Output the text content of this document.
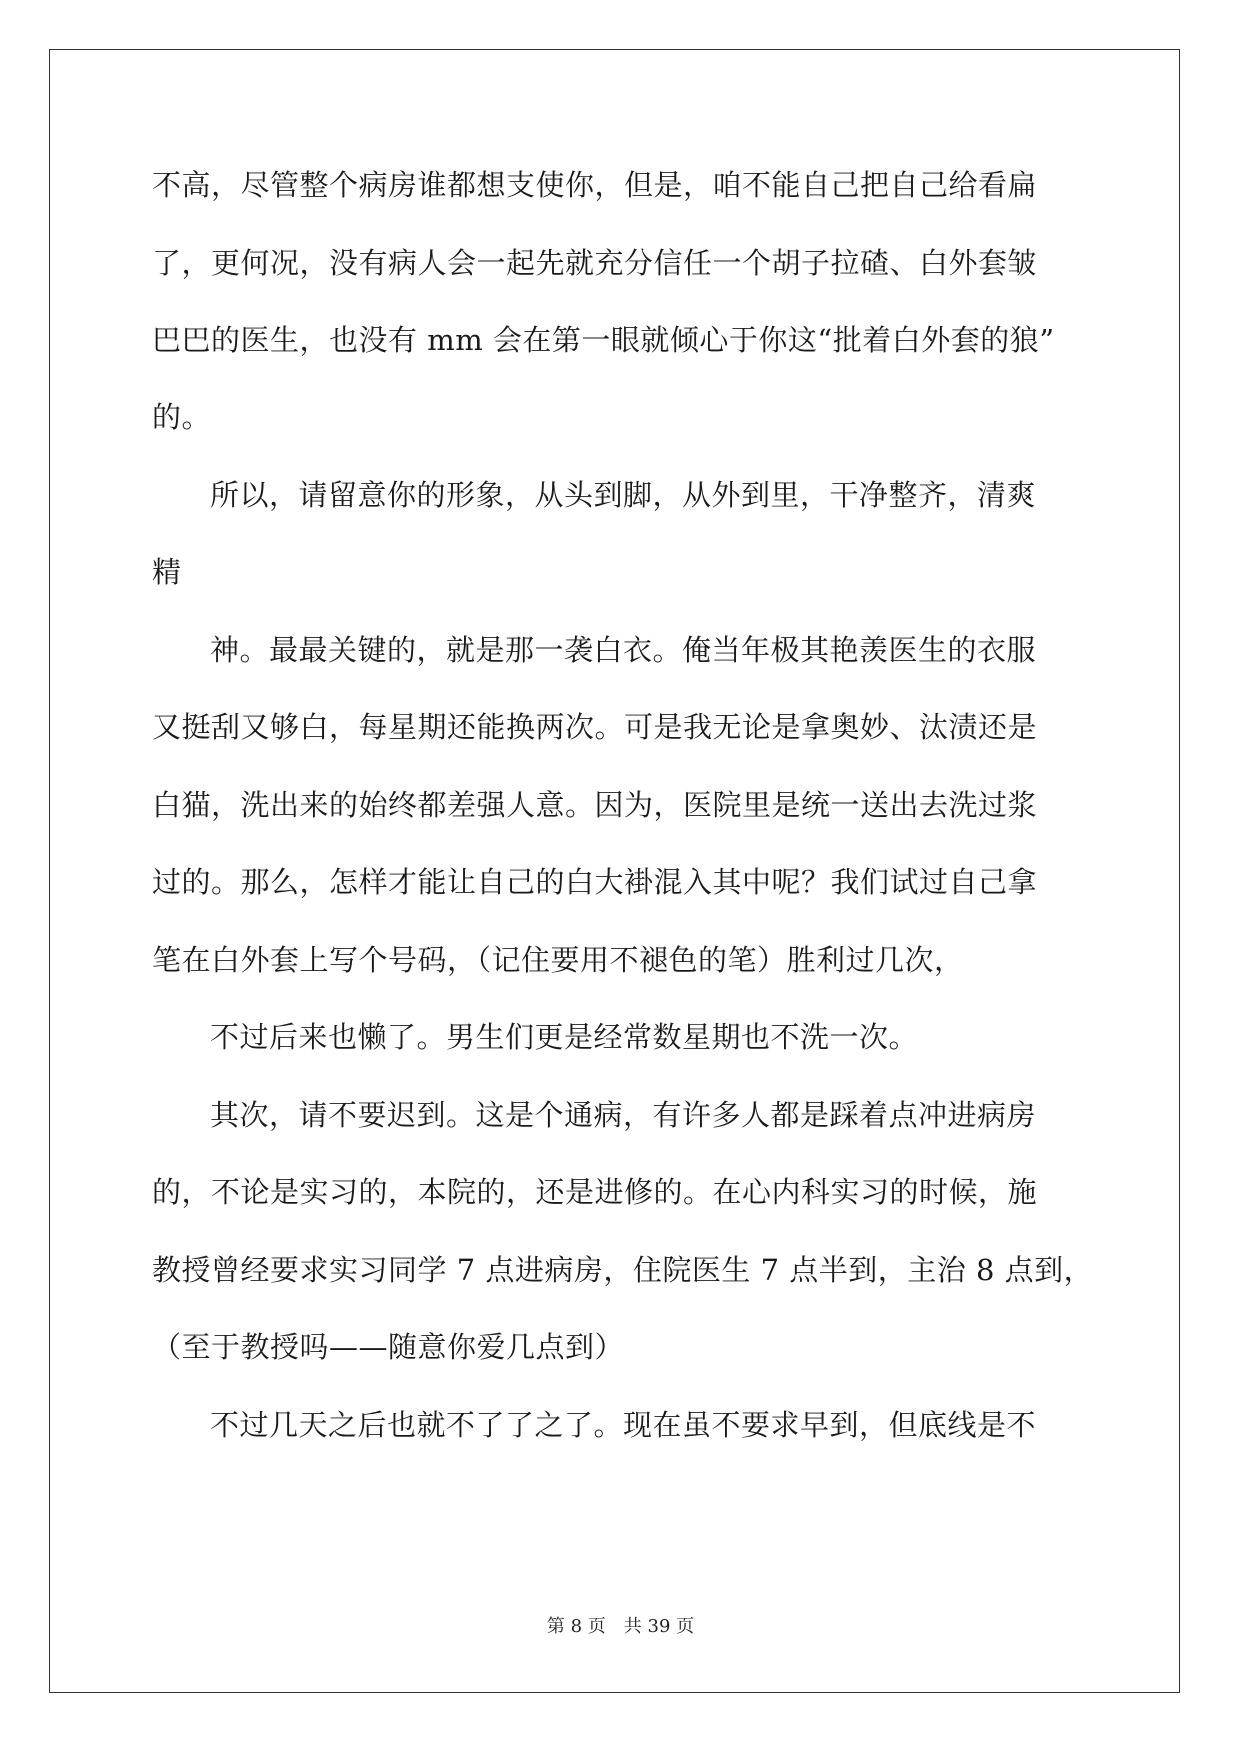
不高，尽管整个病房谁都想支使你，但是，咱不能自己把自己给看扁
了，更何况，没有病人会一起先就充分信任一个胡子拉碴、白外套皱
巴巴的医生，也没有 mm 会在第一眼就倾心于你这“批着白外套的狼”
的。
所以，请留意你的形象，从头到脚，从外到里，干净整齐，清爽
精
神。最最关键的，就是那一袭白衣。俺当年极其艳羡医生的衣服
又挺刮又够白，每星期还能换两次。可是我无论是拿奥妙、汰渍还是
白猫，洗出来的始终都差强人意。因为，医院里是统一送出去洗过浆
过的。那么，怎样才能让自己的白大褂混入其中呢？我们试过自己拿
笔在白外套上写个号码，（记住要用不褪色的笔）胜利过几次，
不过后来也懒了。男生们更是经常数星期也不洗一次。
其次，请不要迟到。这是个通病，有许多人都是踩着点冲进病房
的，不论是实习的，本院的，还是进修的。在心内科实习的时候，施
教授曾经要求实习同学 7 点进病房，住院医生 7 点半到，主治 8 点到，
（至于教授吗——随意你爱几点到）
不过几天之后也就不了了之了。现在虽不要求早到，但底线是不
第 8 页　共 39 页
